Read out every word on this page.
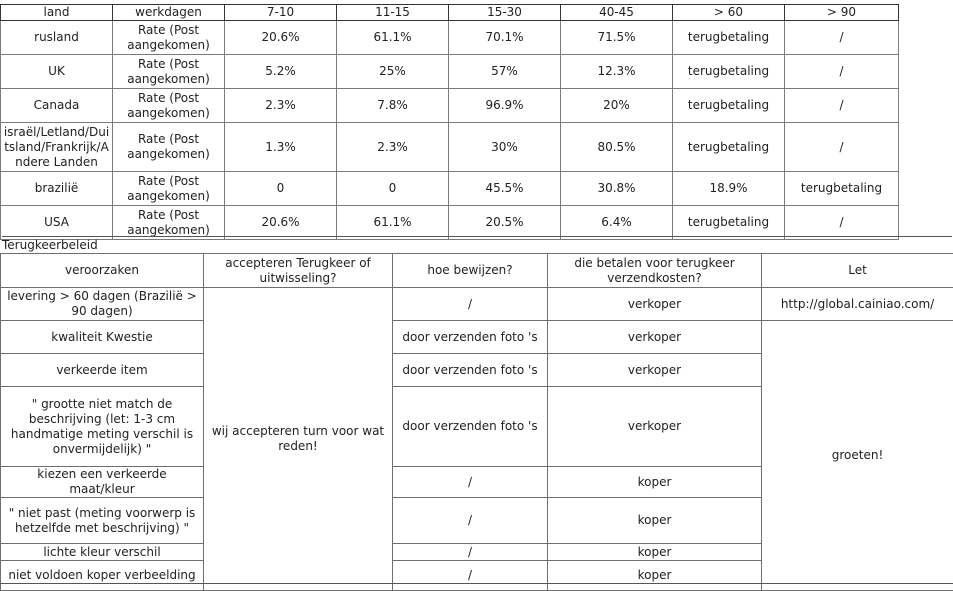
land	werkdagen	7-10	11-15	15-30	40-45	> 60	> 90
rusland	Rate (Post aangekomen)	20.6%	61.1%	70.1%	71.5%	terugbetaling	/
UK	Rate (Post aangekomen)	5.2%	25%	57%	12.3%	terugbetaling	/
Canada	Rate (Post aangekomen)	2.3%	7.8%	96.9%	20%	terugbetaling	/
israël/Letland/Duitsland/Frankrijk/Andere Landen	Rate (Post aangekomen)	1.3%	2.3%	30%	80.5%	terugbetaling	/
brazilië	Rate (Post aangekomen)	0	0	45.5%	30.8%	18.9%	terugbetaling
USA	Rate (Post aangekomen)	20.6%	61.1%	20.5%	6.4%	terugbetaling	/
Terugkeerbeleid
veroorzaken	accepteren Terugkeer of uitwisseling?	hoe bewijzen?	die betalen voor terugkeer verzendkosten?	Let
levering > 60 dagen (Brazilië > 90 dagen)	wij accepteren turn voor wat reden!	/	verkoper	http://global.cainiao.com/
kwaliteit Kwestie		door verzenden foto 's	verkoper	groeten!
verkeerde item		door verzenden foto 's	verkoper	
" grootte niet match de beschrijving (let: 1-3 cm handmatige meting verschil is onvermijdelijk) "		door verzenden foto 's	verkoper	
kiezen een verkeerde maat/kleur		/	koper	
" niet past (meting voorwerp is hetzelfde met beschrijving) "		/	koper	
lichte kleur verschil		/	koper	
niet voldoen koper verbeelding		/	koper	
